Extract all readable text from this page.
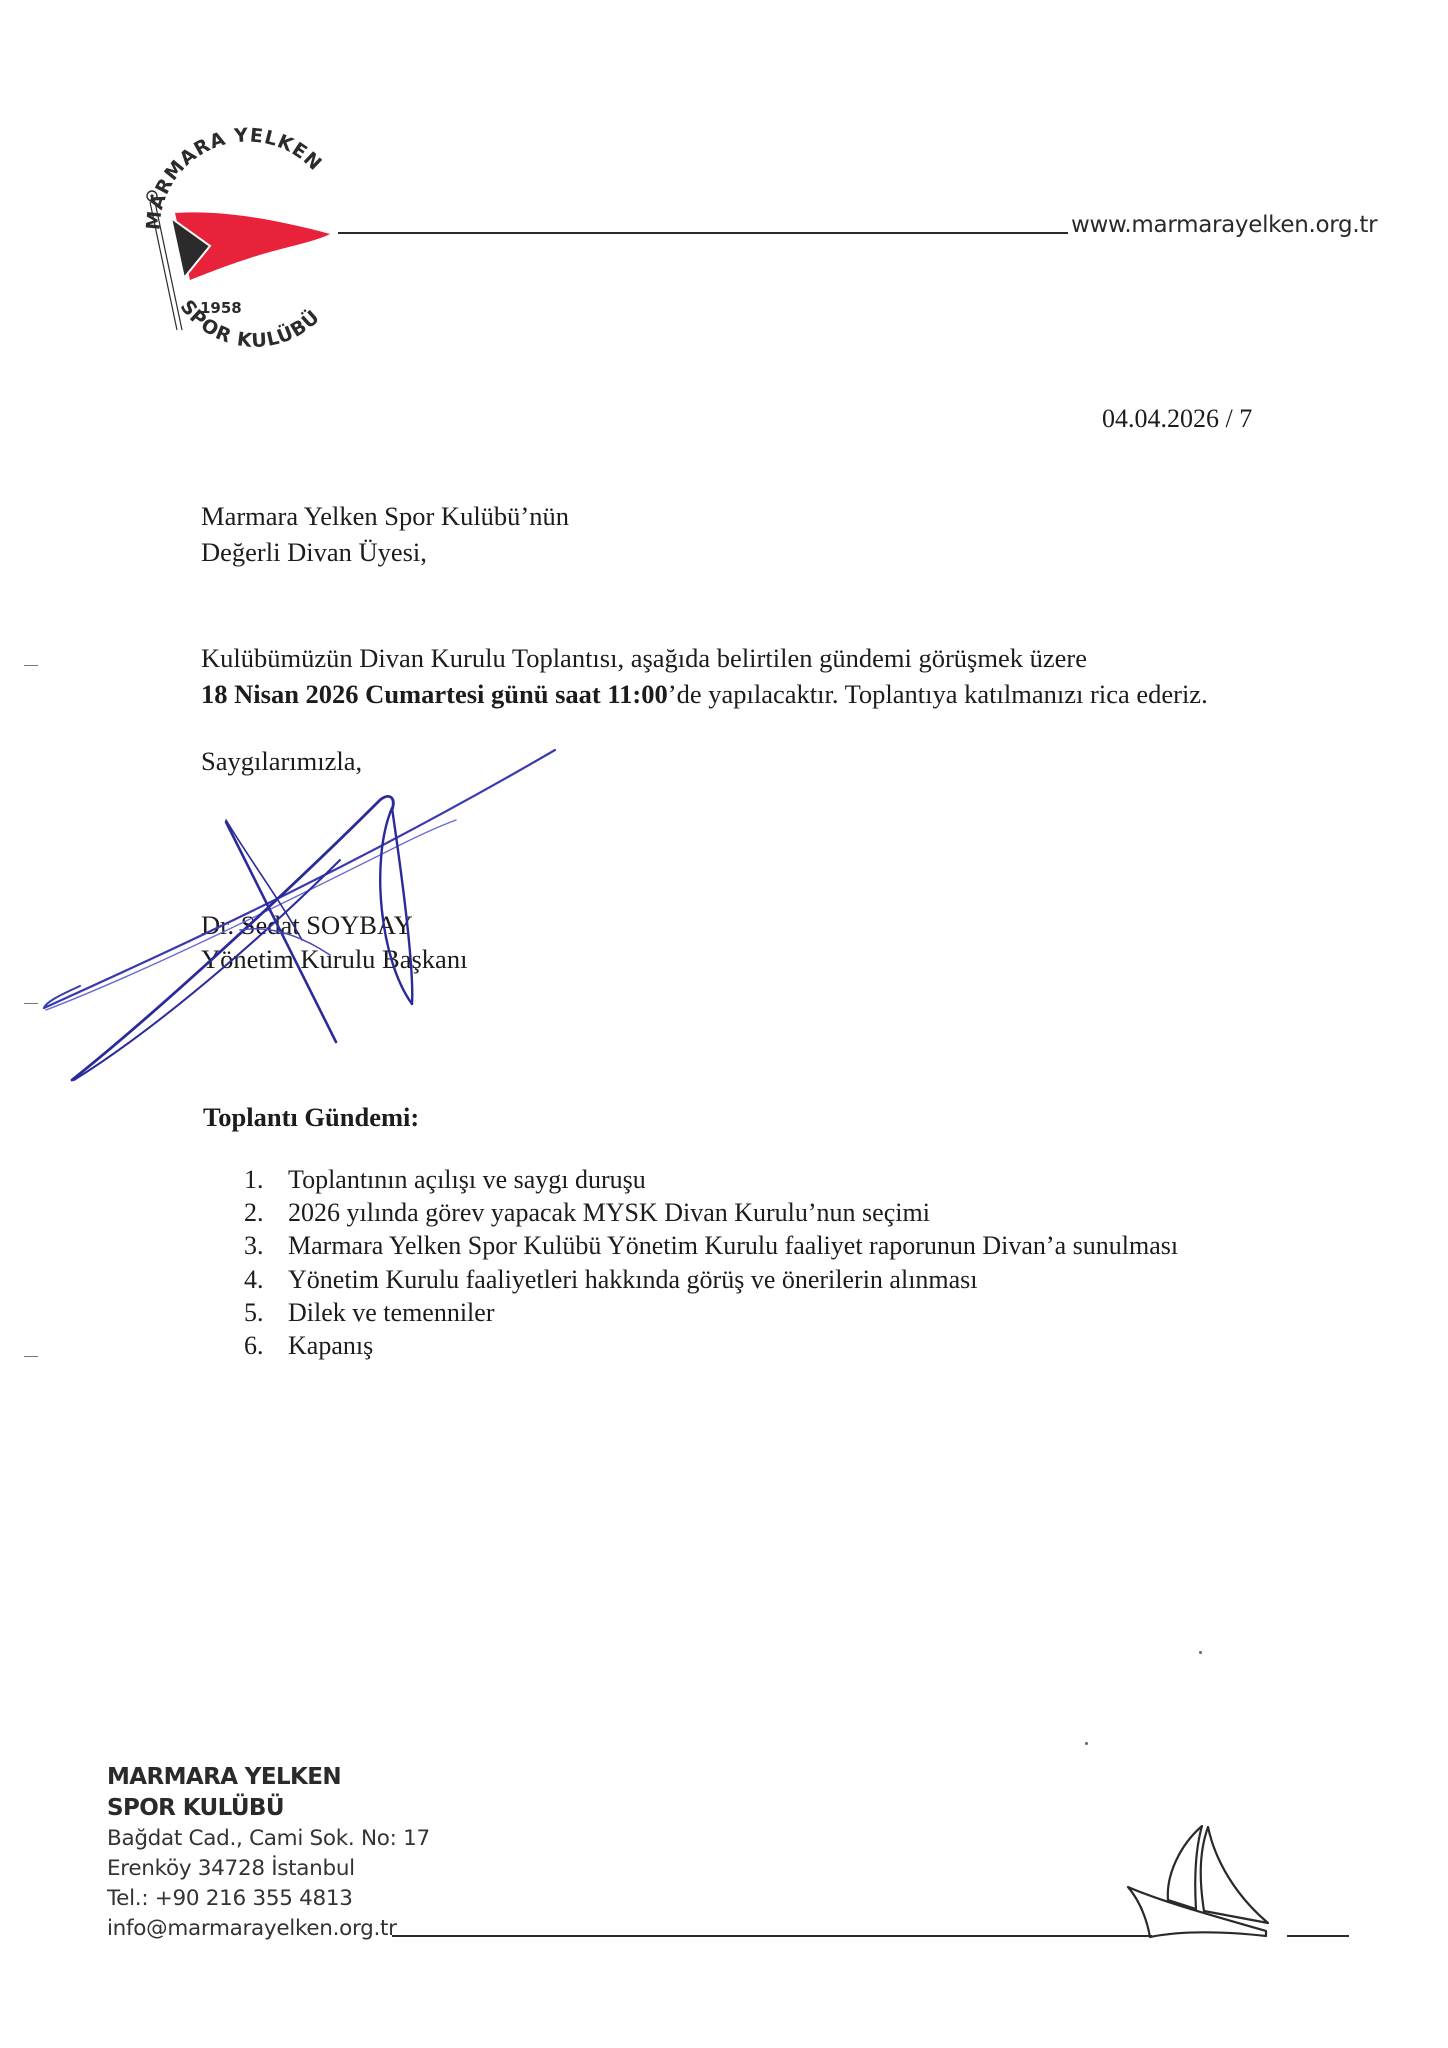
1958
MARMARA YELKEN
SPOR KULÜBÜ
www.marmarayelken.org.tr
04.04.2026 / 7
Marmara Yelken Spor Kulübü’nün
Değerli Divan Üyesi,
Kulübümüzün Divan Kurulu Toplantısı, aşağıda belirtilen gündemi görüşmek üzere
18 Nisan 2026 Cumartesi günü saat 11:00’de yapılacaktır. Toplantıya katılmanızı rica ederiz.
Saygılarımızla,
Dr. Sedat SOYBAY
Yönetim Kurulu Başkanı
Toplantı Gündemi:
1. Toplantının açılışı ve saygı duruşu
2. 2026 yılında görev yapacak MYSK Divan Kurulu’nun seçimi
3. Marmara Yelken Spor Kulübü Yönetim Kurulu faaliyet raporunun Divan’a sunulması
4. Yönetim Kurulu faaliyetleri hakkında görüş ve önerilerin alınması
5. Dilek ve temenniler
6. Kapanış
MARMARA YELKEN
SPOR KULÜBÜ
Bağdat Cad., Cami Sok. No: 17
Erenköy 34728 İstanbul
Tel.: +90 216 355 4813
info@marmarayelken.org.tr
